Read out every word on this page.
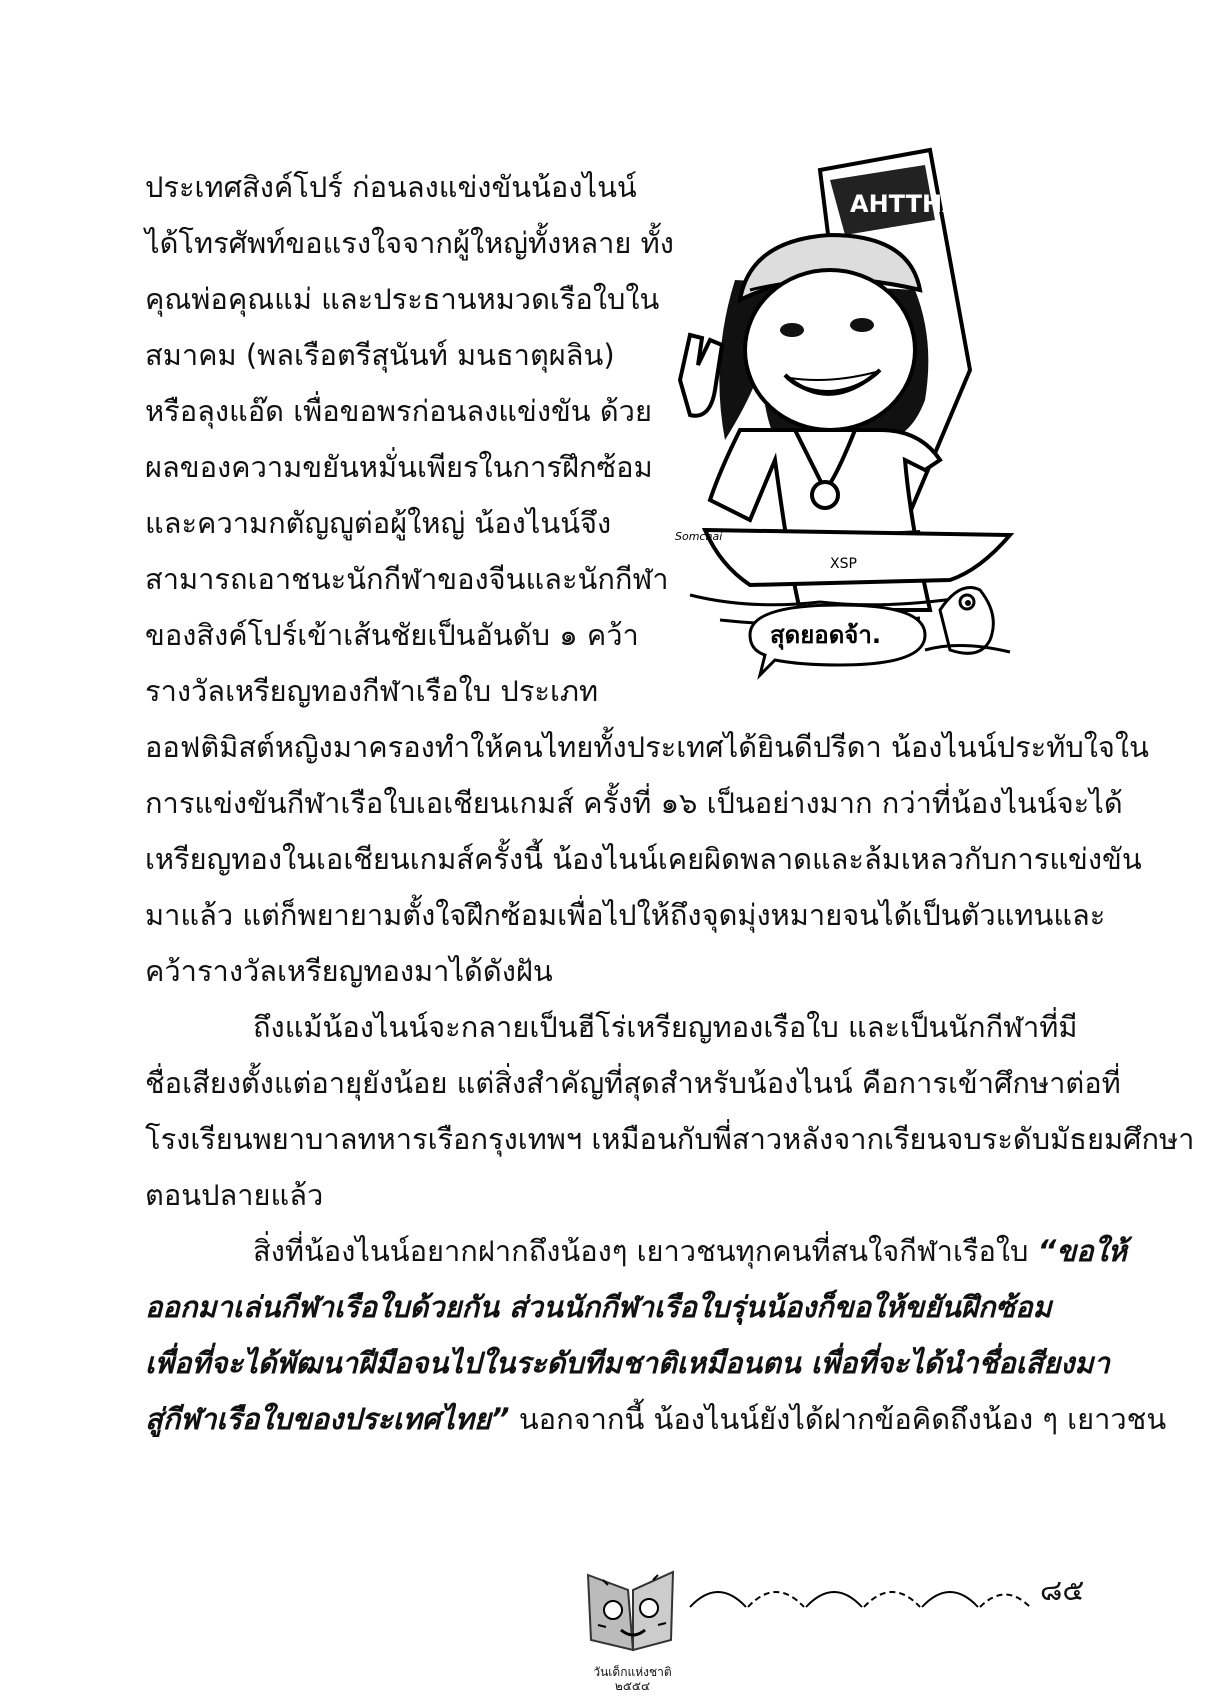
ประเทศสิงค์โปร์ ก่อนลงแข่งขันน้องไนน์
ได้โทรศัพท์ขอแรงใจจากผู้ใหญ่ทั้งหลาย ทั้ง
คุณพ่อคุณแม่ และประธานหมวดเรือใบใน
สมาคม (พลเรือตรีสุนันท์ มนธาตุผลิน)
หรือลุงแอ๊ด เพื่อขอพรก่อนลงแข่งขัน ด้วย
ผลของความขยันหมั่นเพียรในการฝึกซ้อม
และความกตัญญูต่อผู้ใหญ่ น้องไนน์จึง
สามารถเอาชนะนักกีฬาของจีนและนักกีฬา
ของสิงค์โปร์เข้าเส้นชัยเป็นอันดับ ๑ คว้า
รางวัลเหรียญทองกีฬาเรือใบ ประเภท
AHTTHA
XSP
Somchai
สุดยอดจ้า.
ออฟติมิสต์หญิงมาครองทำให้คนไทยทั้งประเทศได้ยินดีปรีดา น้องไนน์ประทับใจใน
การแข่งขันกีฬาเรือใบเอเชียนเกมส์ ครั้งที่ ๑๖ เป็นอย่างมาก กว่าที่น้องไนน์จะได้
เหรียญทองในเอเชียนเกมส์ครั้งนี้ น้องไนน์เคยผิดพลาดและล้มเหลวกับการแข่งขัน
มาแล้ว แต่ก็พยายามตั้งใจฝึกซ้อมเพื่อไปให้ถึงจุดมุ่งหมายจนได้เป็นตัวแทนและ
คว้ารางวัลเหรียญทองมาได้ดังฝัน
ถึงแม้น้องไนน์จะกลายเป็นฮีโร่เหรียญทองเรือใบ และเป็นนักกีฬาที่มี
ชื่อเสียงตั้งแต่อายุยังน้อย แต่สิ่งสำคัญที่สุดสำหรับน้องไนน์ คือการเข้าศึกษาต่อที่
โรงเรียนพยาบาลทหารเรือกรุงเทพฯ เหมือนกับพี่สาวหลังจากเรียนจบระดับมัธยมศึกษา
ตอนปลายแล้ว
สิ่งที่น้องไนน์อยากฝากถึงน้องๆ เยาวชนทุกคนที่สนใจกีฬาเรือใบ “ขอให้
ออกมาเล่นกีฬาเรือใบด้วยกัน ส่วนนักกีฬาเรือใบรุ่นน้องก็ขอให้ขยันฝึกซ้อม
เพื่อที่จะได้พัฒนาฝีมือจนไปในระดับทีมชาติเหมือนตน เพื่อที่จะได้นำชื่อเสียงมา
สู่กีฬาเรือใบของประเทศไทย” นอกจากนี้ น้องไนน์ยังได้ฝากข้อคิดถึงน้อง ๆ เยาวชน
วันเด็กแห่งชาติ ๒๕๕๔
๘๕
